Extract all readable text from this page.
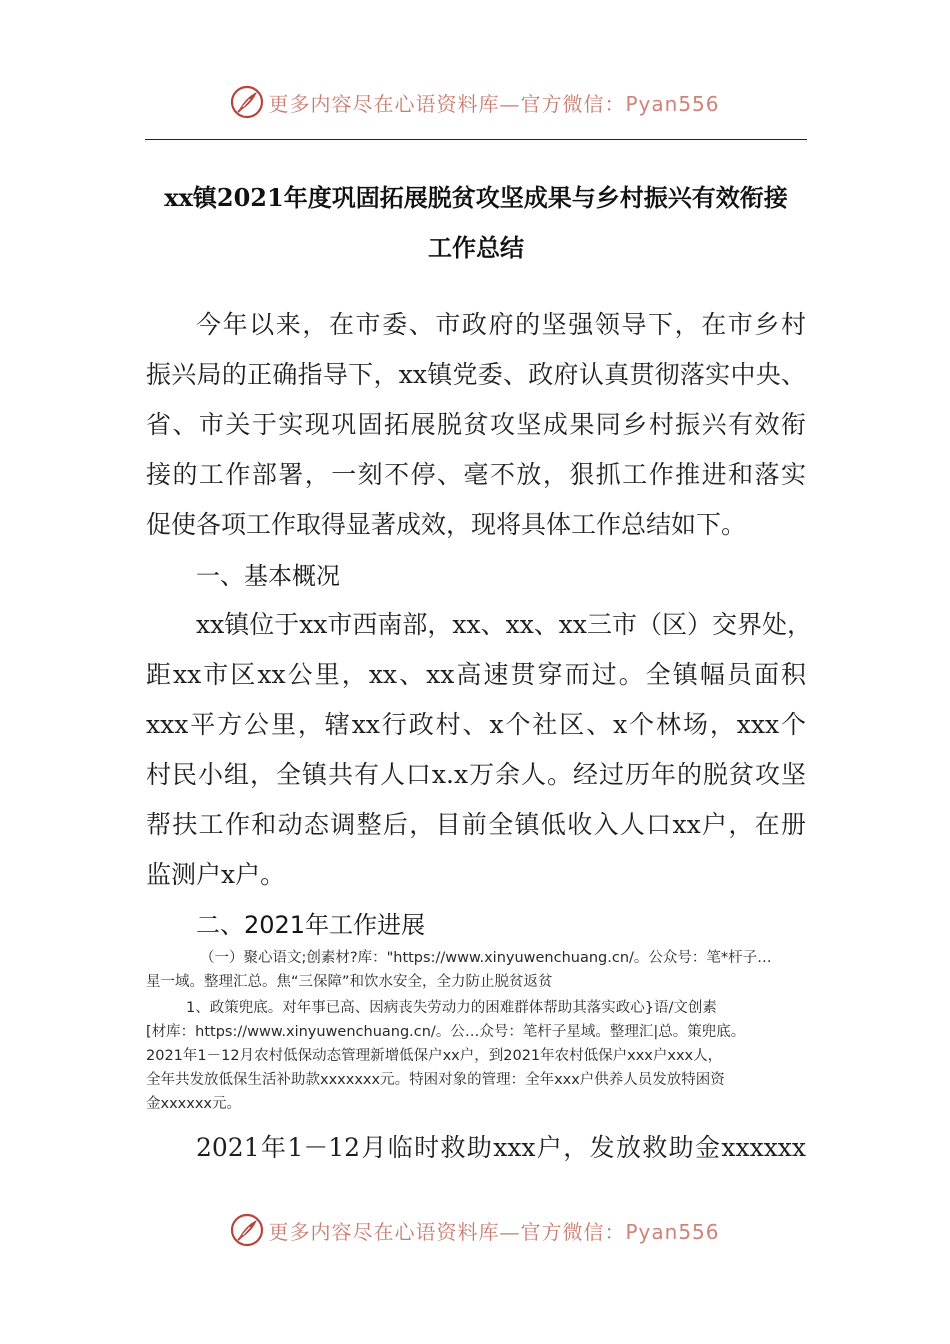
更多内容尽在心语资料库—官方微信：Pyan556
xx镇2021年度巩固拓展脱贫攻坚成果与乡村振兴有效衔接
工作总结
今年以来，在市委、市政府的坚强领导下，在市乡村
振兴局的正确指导下，xx镇党委、政府认真贯彻落实中央、
省、市关于实现巩固拓展脱贫攻坚成果同乡村振兴有效衔
接的工作部署，一刻不停、毫不放，狠抓工作推进和落实
促使各项工作取得显著成效，现将具体工作总结如下。
一、基本概况
xx镇位于xx市西南部，xx、xx、xx三市（区）交界处，
距xx市区xx公里，xx、xx高速贯穿而过。全镇幅员面积
xxx平方公里，辖xx行政村、x个社区、x个林场，xxx个
村民小组，全镇共有人口x.x万余人。经过历年的脱贫攻坚
帮扶工作和动态调整后，目前全镇低收入人口xx户，在册
监测户x户。
二、2021年工作进展
（一）聚心语文;创素材?库："https://www.xinyuwenchuang.cn/。公众号：笔*杆子…
星一域。整理汇总。焦“三保障”和饮水安全，全力防止脱贫返贫
1、政策兜底。对年事已高、因病丧失劳动力的困难群体帮助其落实政心}语/文创素
[材库：https://www.xinyuwenchuang.cn/。公…众号：笔杆子星域。整理汇|总。策兜底。
2021年1－12月农村低保动态管理新增低保户xx户，到2021年农村低保户xxx户xxx人，
全年共发放低保生活补助款xxxxxxx元。特困对象的管理：全年xxx户供养人员发放特困资
金xxxxxx元。
2021年1－12月临时救助xxx户，发放救助金xxxxxx
更多内容尽在心语资料库—官方微信：Pyan556
